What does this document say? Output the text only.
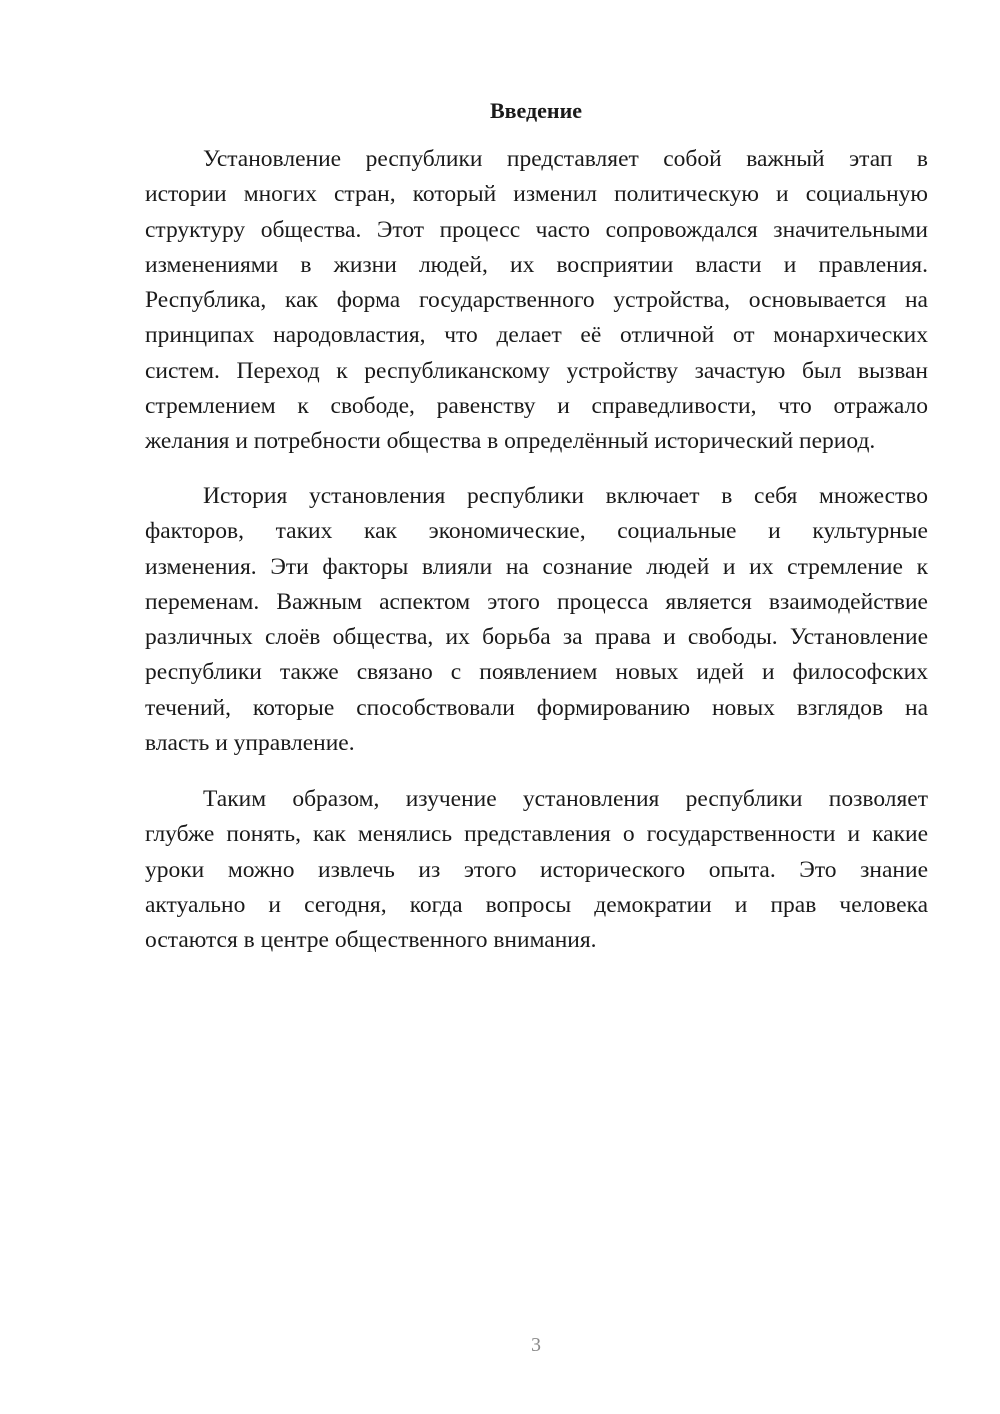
Введение
Установление республики представляет собой важный этап в
истории многих стран, который изменил политическую и социальную
структуру общества. Этот процесс часто сопровождался значительными
изменениями в жизни людей, их восприятии власти и правления.
Республика, как форма государственного устройства, основывается на
принципах народовластия, что делает её отличной от монархических
систем. Переход к республиканскому устройству зачастую был вызван
стремлением к свободе, равенству и справедливости, что отражало
желания и потребности общества в определённый исторический период.
История установления республики включает в себя множество
факторов, таких как экономические, социальные и культурные
изменения. Эти факторы влияли на сознание людей и их стремление к
переменам. Важным аспектом этого процесса является взаимодействие
различных слоёв общества, их борьба за права и свободы. Установление
республики также связано с появлением новых идей и философских
течений, которые способствовали формированию новых взглядов на
власть и управление.
Таким образом, изучение установления республики позволяет
глубже понять, как менялись представления о государственности и какие
уроки можно извлечь из этого исторического опыта. Это знание
актуально и сегодня, когда вопросы демократии и прав человека
остаются в центре общественного внимания.
3
